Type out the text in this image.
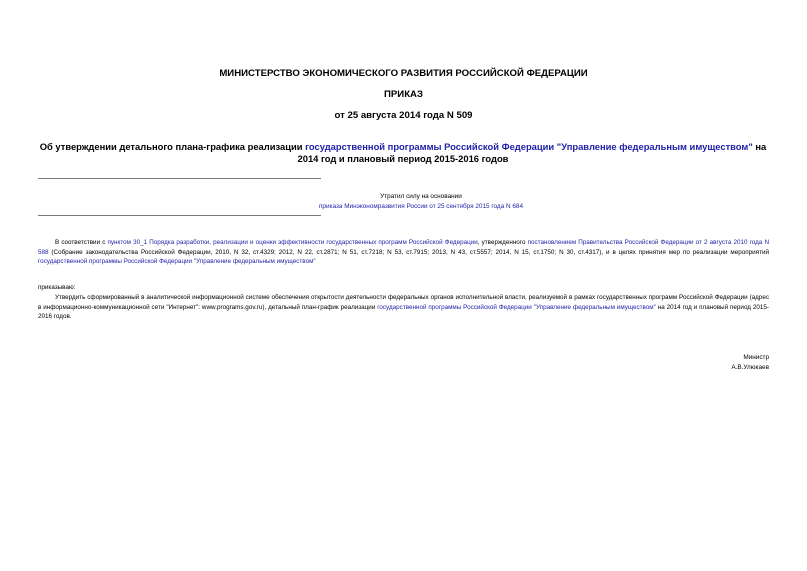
МИНИСТЕРСТВО ЭКОНОМИЧЕСКОГО РАЗВИТИЯ РОССИЙСКОЙ ФЕДЕРАЦИИ
ПРИКАЗ
от 25 августа 2014 года N 509
Об утверждении детального плана-графика реализации государственной программы Российской Федерации "Управление федеральным имуществом" на 2014 год и плановый период 2015-2016 годов
Утратил силу на основании
приказа Минэкономразвития России от 25 сентября 2015 года N 684
В соответствии с пунктом 30_1 Порядка разработки, реализации и оценки эффективности государственных программ Российской Федерации, утвержденного постановлением Правительства Российской Федерации от 2 августа 2010 года N 588 (Собрание законодательства Российской Федерации, 2010, N 32, ст.4329; 2012, N 22, ст.2871; N 51, ст.7218; N 53, ст.7915; 2013, N 43, ст.5557; 2014, N 15, ст.1750; N 30, ст.4317), и в целях принятия мер по реализации мероприятий государственной программы Российской Федерации "Управление федеральным имуществом"
приказываю:
Утвердить сформированный в аналитической информационной системе обеспечения открытости деятельности федеральных органов исполнительной власти, реализуемой в рамках государственных программ Российской Федерации (адрес в информационно-коммуникационной сети "Интернет": www.programs.gov.ru), детальный план-график реализации государственной программы Российской Федерации "Управление федеральным имуществом" на 2014 год и плановый период 2015-2016 годов.
Министр
А.В.Улюкаев
